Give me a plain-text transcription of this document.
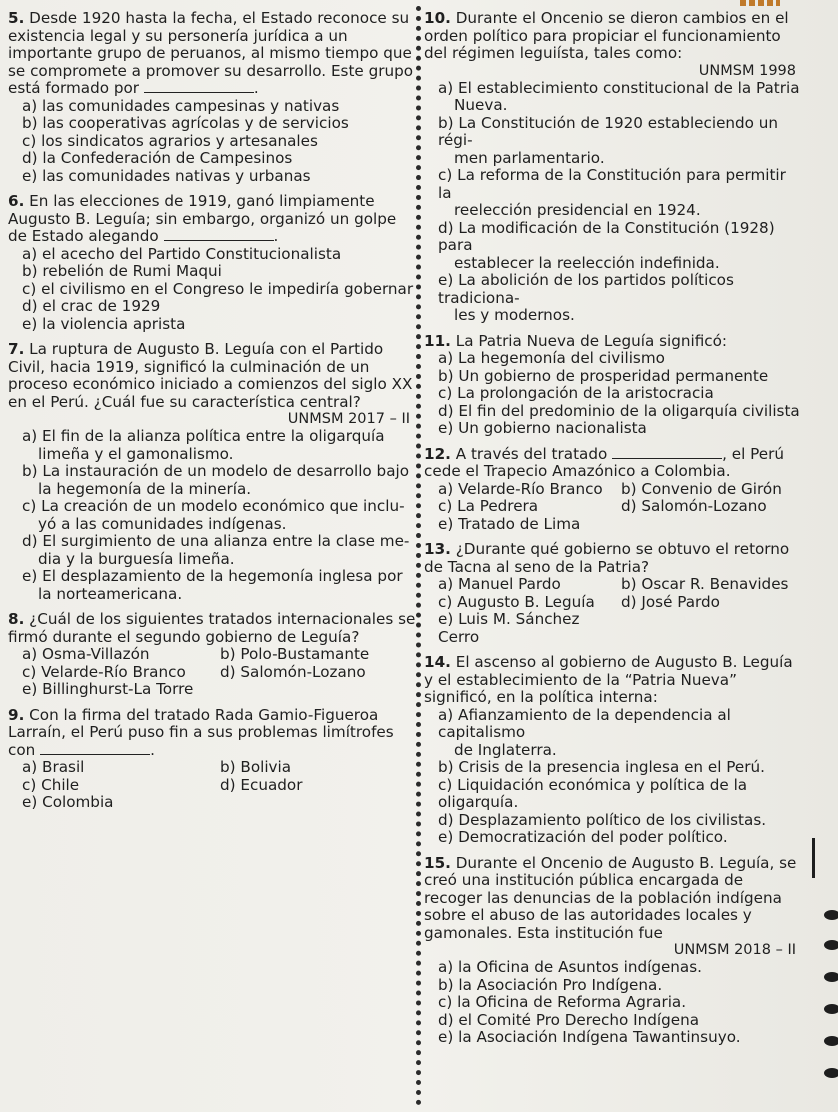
5. Desde 1920 hasta la fecha, el Estado reconoce su existencia legal y su personería jurídica a un importante grupo de peruanos, al mismo tiempo que se compromete a promover su desarrollo. Este grupo está formado por	.
a) las comunidades campesinas y nativas
b) las cooperativas agrícolas y de servicios
c) los sindicatos agrarios y artesanales
d) la Confederación de Campesinos
e) las comunidades nativas y urbanas
6. En las elecciones de 1919, ganó limpiamente Augusto B. Leguía; sin embargo, organizó un golpe de Estado alegando	.
a) el acecho del Partido Constitucionalista
b) rebelión de Rumi Maqui
c) el civilismo en el Congreso le impediría gobernar
d) el crac de 1929
e) la violencia aprista
7. La ruptura de Augusto B. Leguía con el Partido Civil, hacia 1919, significó la culminación de un proceso económico iniciado a comienzos del siglo XX en el Perú. ¿Cuál fue su característica central?
UNMSM 2017 – II
a) El fin de la alianza política entre la oligarquía
limeña y el gamonalismo.
b) La instauración de un modelo de desarrollo bajo
la hegemonía de la minería.
c) La creación de un modelo económico que inclu-
yó a las comunidades indígenas.
d) El surgimiento de una alianza entre la clase me-
dia y la burguesía limeña.
e) El desplazamiento de la hegemonía inglesa por
la norteamericana.
8. ¿Cuál de los siguientes tratados internacionales se firmó durante el segundo gobierno de Leguía?
a) Osma-Villazón	b) Polo-Bustamante
c) Velarde-Río Branco	d) Salomón-Lozano
e) Billinghurst-La Torre
9. Con la firma del tratado Rada Gamio-Figueroa Larraín, el Perú puso fin a sus problemas limítrofes con	.
a) Brasil	b) Bolivia
c) Chile	d) Ecuador
e) Colombia
10. Durante el Oncenio se dieron cambios en el orden político para propiciar el funcionamiento del régimen leguiísta, tales como:
UNMSM 1998
a) El establecimiento constitucional de la Patria
Nueva.
b) La Constitución de 1920 estableciendo un régi-
men parlamentario.
c) La reforma de la Constitución para permitir la
reelección presidencial en 1924.
d) La modificación de la Constitución (1928) para
establecer la reelección indefinida.
e) La abolición de los partidos políticos tradiciona-
les y modernos.
11. La Patria Nueva de Leguía significó:
a) La hegemonía del civilismo
b) Un gobierno de prosperidad permanente
c) La prolongación de la aristocracia
d) El fin del predominio de la oligarquía civilista
e) Un gobierno nacionalista
12. A través del tratado	, el Perú cede el Trapecio Amazónico a Colombia.
a) Velarde-Río Branco	b) Convenio de Girón
c) La Pedrera	d) Salomón-Lozano
e) Tratado de Lima
13. ¿Durante qué gobierno se obtuvo el retorno de Tacna al seno de la Patria?
a) Manuel Pardo	b) Oscar R. Benavides
c) Augusto B. Leguía	d) José Pardo
e) Luis M. Sánchez Cerro
14. El ascenso al gobierno de Augusto B. Leguía y el establecimiento de la “Patria Nueva” significó, en la política interna:
a) Afianzamiento de la dependencia al capitalismo
de Inglaterra.
b) Crisis de la presencia inglesa en el Perú.
c) Liquidación económica y política de la oligarquía.
d) Desplazamiento político de los civilistas.
e) Democratización del poder político.
15. Durante el Oncenio de Augusto B. Leguía, se creó una institución pública encargada de recoger las denuncias de la población indígena sobre el abuso de las autoridades locales y gamonales. Esta institución fue
UNMSM 2018 – II
a) la Oficina de Asuntos indígenas.
b) la Asociación Pro Indígena.
c) la Oficina de Reforma Agraria.
d) el Comité Pro Derecho Indígena
e) la Asociación Indígena Tawantinsuyo.
